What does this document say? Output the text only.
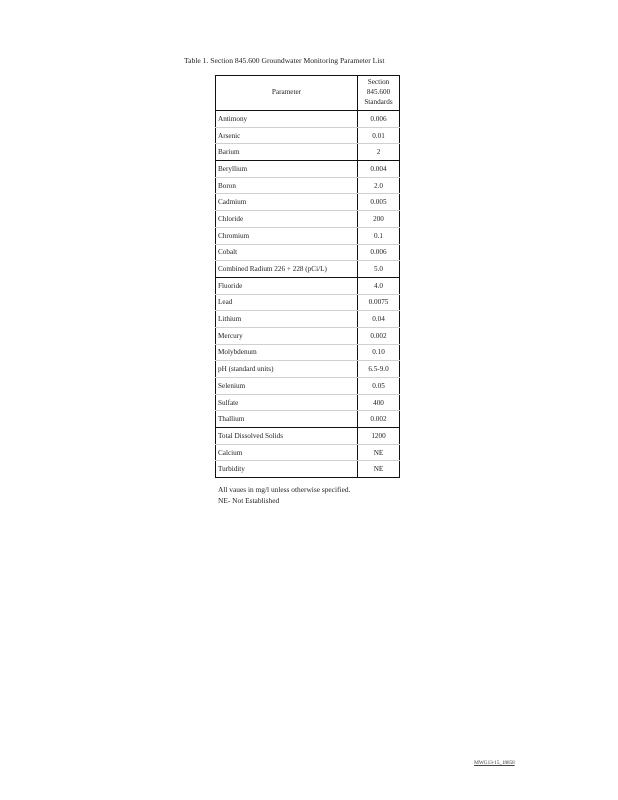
Table 1. Section 845.600 Groundwater Monitoring Parameter List
Parameter	Section
845.600
Standards

Antimony	0.006
Arsenic	0.01
Barium	2
Beryllium	0.004
Boron	2.0
Cadmium	0.005
Chloride	200
Chromium	0.1
Cobalt	0.006
Combined Radium 226 + 228 (pCi/L)	5.0
Fluoride	4.0
Lead	0.0075
Lithium	0.04
Mercury	0.002
Molybdenum	0.10
pH (standard units)	6.5-9.0
Selenium	0.05
Sulfate	400
Thallium	0.002
Total Dissolved Solids	1200
Calcium	NE
Turbidity	NE
All vaues in mg/l unless otherwise specified.
NE- Not Established
MWG13-15_18858
